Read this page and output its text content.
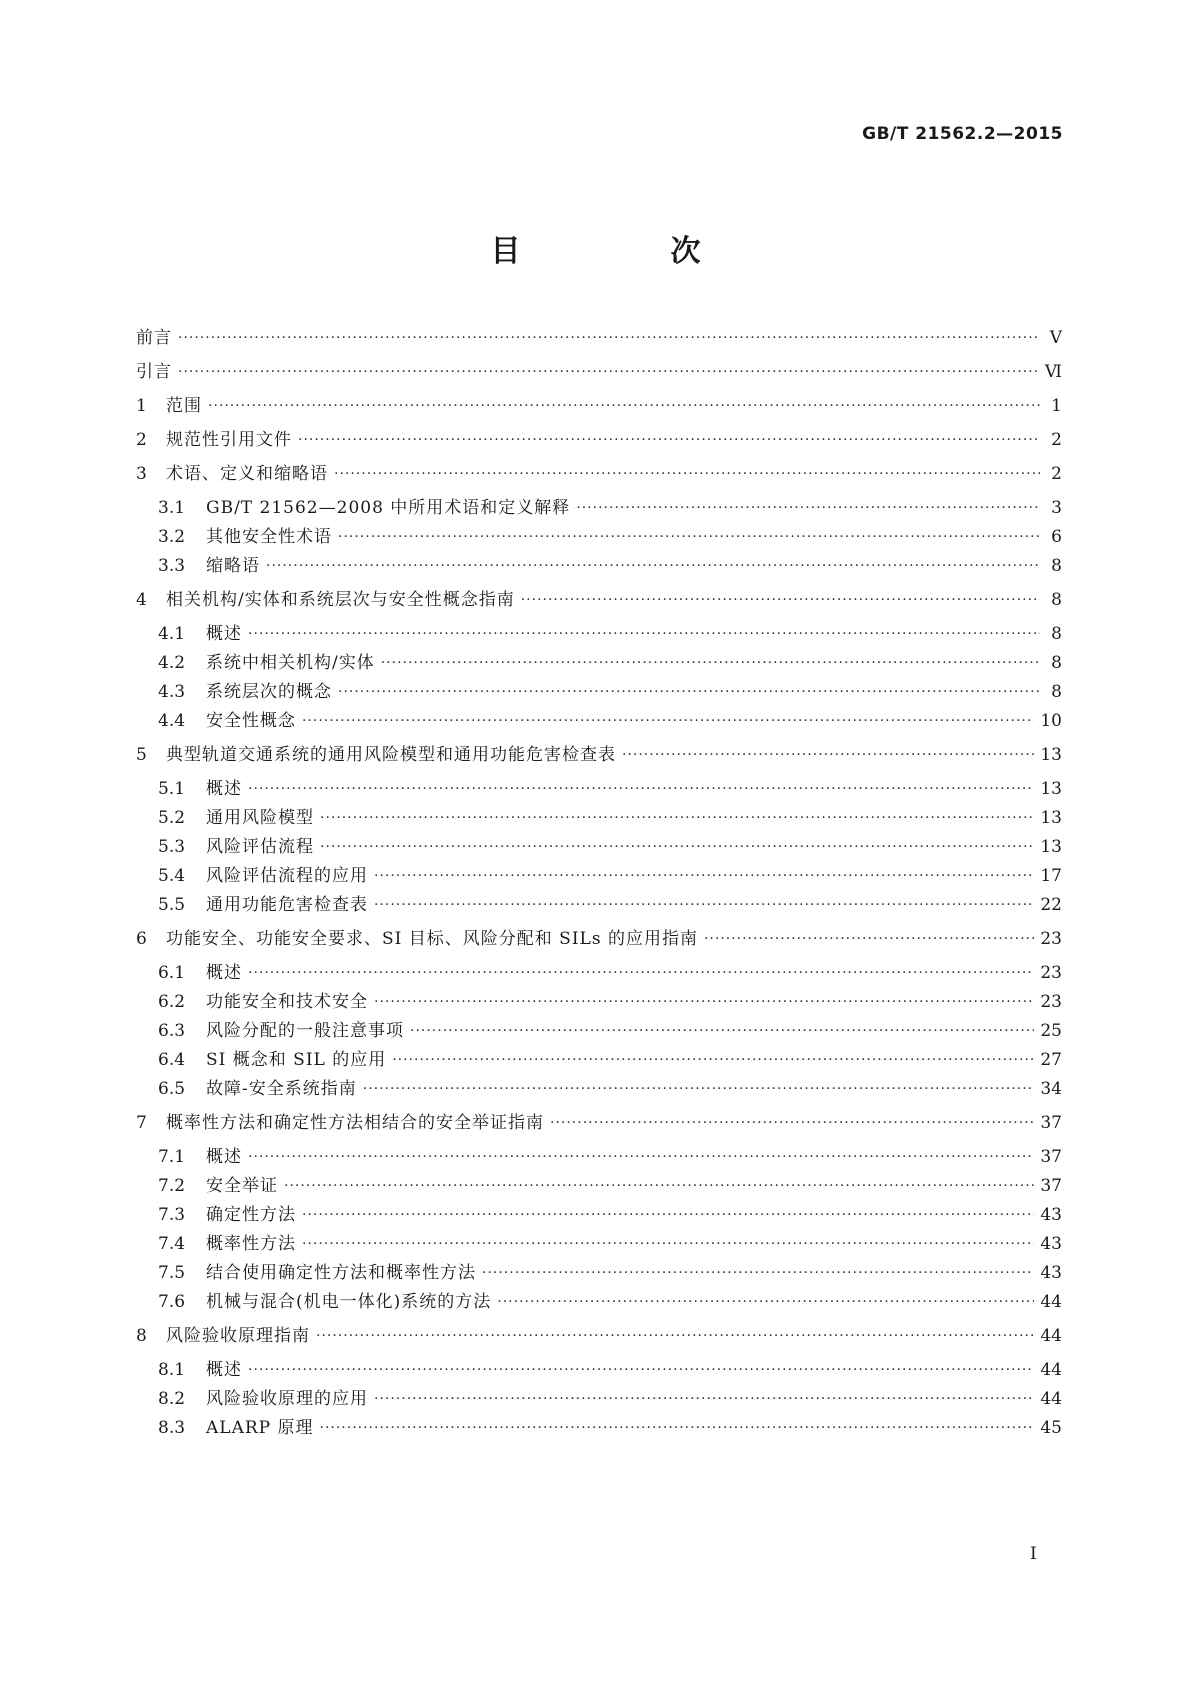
GB/T 21562.2—2015
目　次
前言 ·····	Ⅴ
引言 ·····	Ⅵ
1	范围 ·····	1
2	规范性引用文件 ·····	2
3	术语、定义和缩略语 ·····	2
3.1	GB/T 21562—2008 中所用术语和定义解释 ·····	3
3.2	其他安全性术语 ·····	6
3.3	缩略语 ·····	8
4	相关机构/实体和系统层次与安全性概念指南 ·····	8
4.1	概述 ·····	8
4.2	系统中相关机构/实体 ·····	8
4.3	系统层次的概念 ·····	8
4.4	安全性概念 ·····	10
5	典型轨道交通系统的通用风险模型和通用功能危害检查表 ·····	13
5.1	概述 ·····	13
5.2	通用风险模型 ·····	13
5.3	风险评估流程 ·····	13
5.4	风险评估流程的应用 ·····	17
5.5	通用功能危害检查表 ·····	22
6	功能安全、功能安全要求、SI 目标、风险分配和 SILs 的应用指南 ·····	23
6.1	概述 ·····	23
6.2	功能安全和技术安全 ·····	23
6.3	风险分配的一般注意事项 ·····	25
6.4	SI 概念和 SIL 的应用 ·····	27
6.5	故障-安全系统指南 ·····	34
7	概率性方法和确定性方法相结合的安全举证指南 ·····	37
7.1	概述 ·····	37
7.2	安全举证 ·····	37
7.3	确定性方法 ·····	43
7.4	概率性方法 ·····	43
7.5	结合使用确定性方法和概率性方法 ·····	43
7.6	机械与混合(机电一体化)系统的方法 ·····	44
8	风险验收原理指南 ·····	44
8.1	概述 ·····	44
8.2	风险验收原理的应用 ·····	44
8.3	ALARP 原理 ·····	45
I
